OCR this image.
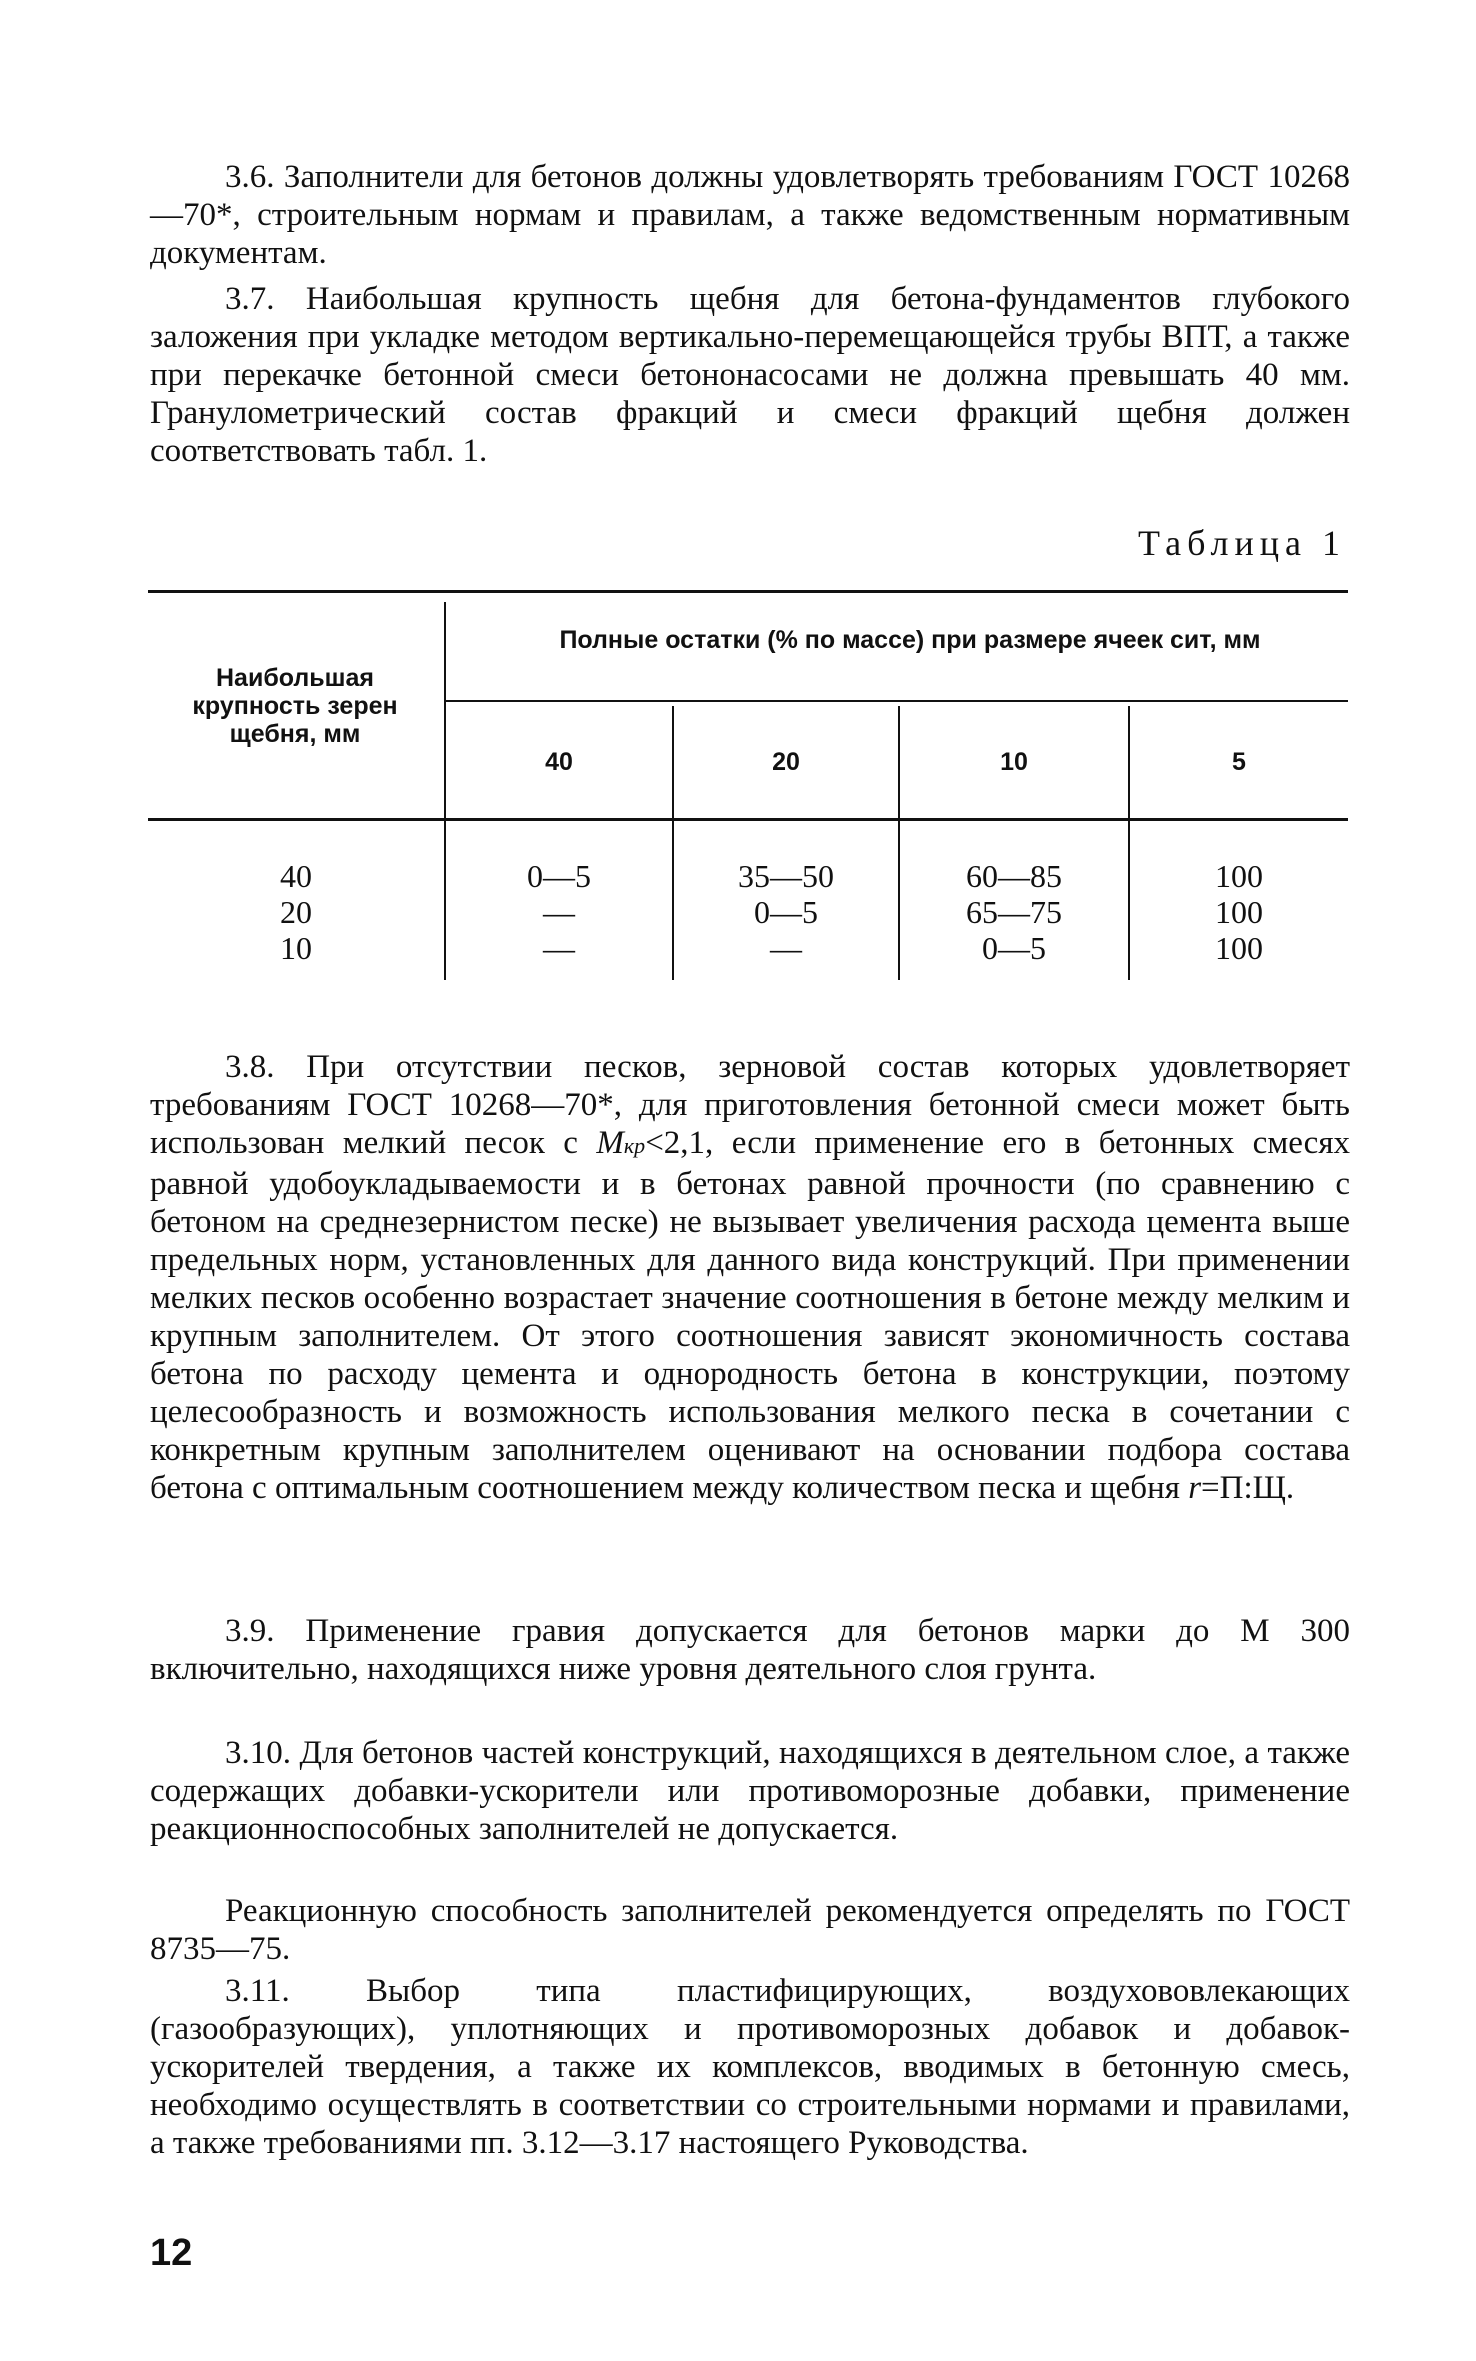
3.6. Заполнители для бетонов должны удовлетворять требованиям ГОСТ 10268—70*, строительным нормам и правилам, а также ведомственным нормативным документам.

3.7. Наибольшая крупность щебня для бетона-фундаментов глубокого заложения при укладке методом вертикально-перемещающейся трубы ВПТ, а также при перекачке бетонной смеси бетононасосами не должна превышать 40 мм. Гранулометрический состав фракций и смеси фракций щебня должен соответствовать табл. 1.

Таблица 1
Наибольшая крупность зерен щебня, мм
Полные остатки (% по массе) при размере ячеек сит, мм
40	20	10	5
40	0—5	35—50	60—85	100
20	—	0—5	65—75	100
10	—	—	0—5	100

3.8. При отсутствии песков, зерновой состав которых удовлетворяет требованиям ГОСТ 10268—70*, для приготовления бетонной смеси может быть использован мелкий песок с Мкр<2,1, если применение его в бетонных смесях равной удобоукладываемости и в бетонах равной прочности (по сравнению с бетоном на среднезернистом песке) не вызывает увеличения расхода цемента выше предельных норм, установленных для данного вида конструкций. При применении мелких песков особенно возрастает значение соотношения в бетоне между мелким и крупным заполнителем. От этого соотношения зависят экономичность состава бетона по расходу цемента и однородность бетона в конструкции, поэтому целесообразность и возможность использования мелкого песка в сочетании с конкретным крупным заполнителем оценивают на основании подбора состава бетона с оптимальным соотношением между количеством песка и щебня r=П:Щ.

3.9. Применение гравия допускается для бетонов марки до М 300 включительно, находящихся ниже уровня деятельного слоя грунта.

3.10. Для бетонов частей конструкций, находящихся в деятельном слое, а также содержащих добавки-ускорители или противоморозные добавки, применение реакционноспособных заполнителей не допускается.

Реакционную способность заполнителей рекомендуется определять по ГОСТ 8735—75.

3.11. Выбор типа пластифицирующих, воздухововлекающих (газообразующих), уплотняющих и противоморозных добавок и добавок-ускорителей твердения, а также их комплексов, вводимых в бетонную смесь, необходимо осуществлять в соответствии со строительными нормами и правилами, а также требованиями пп. 3.12—3.17 настоящего Руководства.

12
